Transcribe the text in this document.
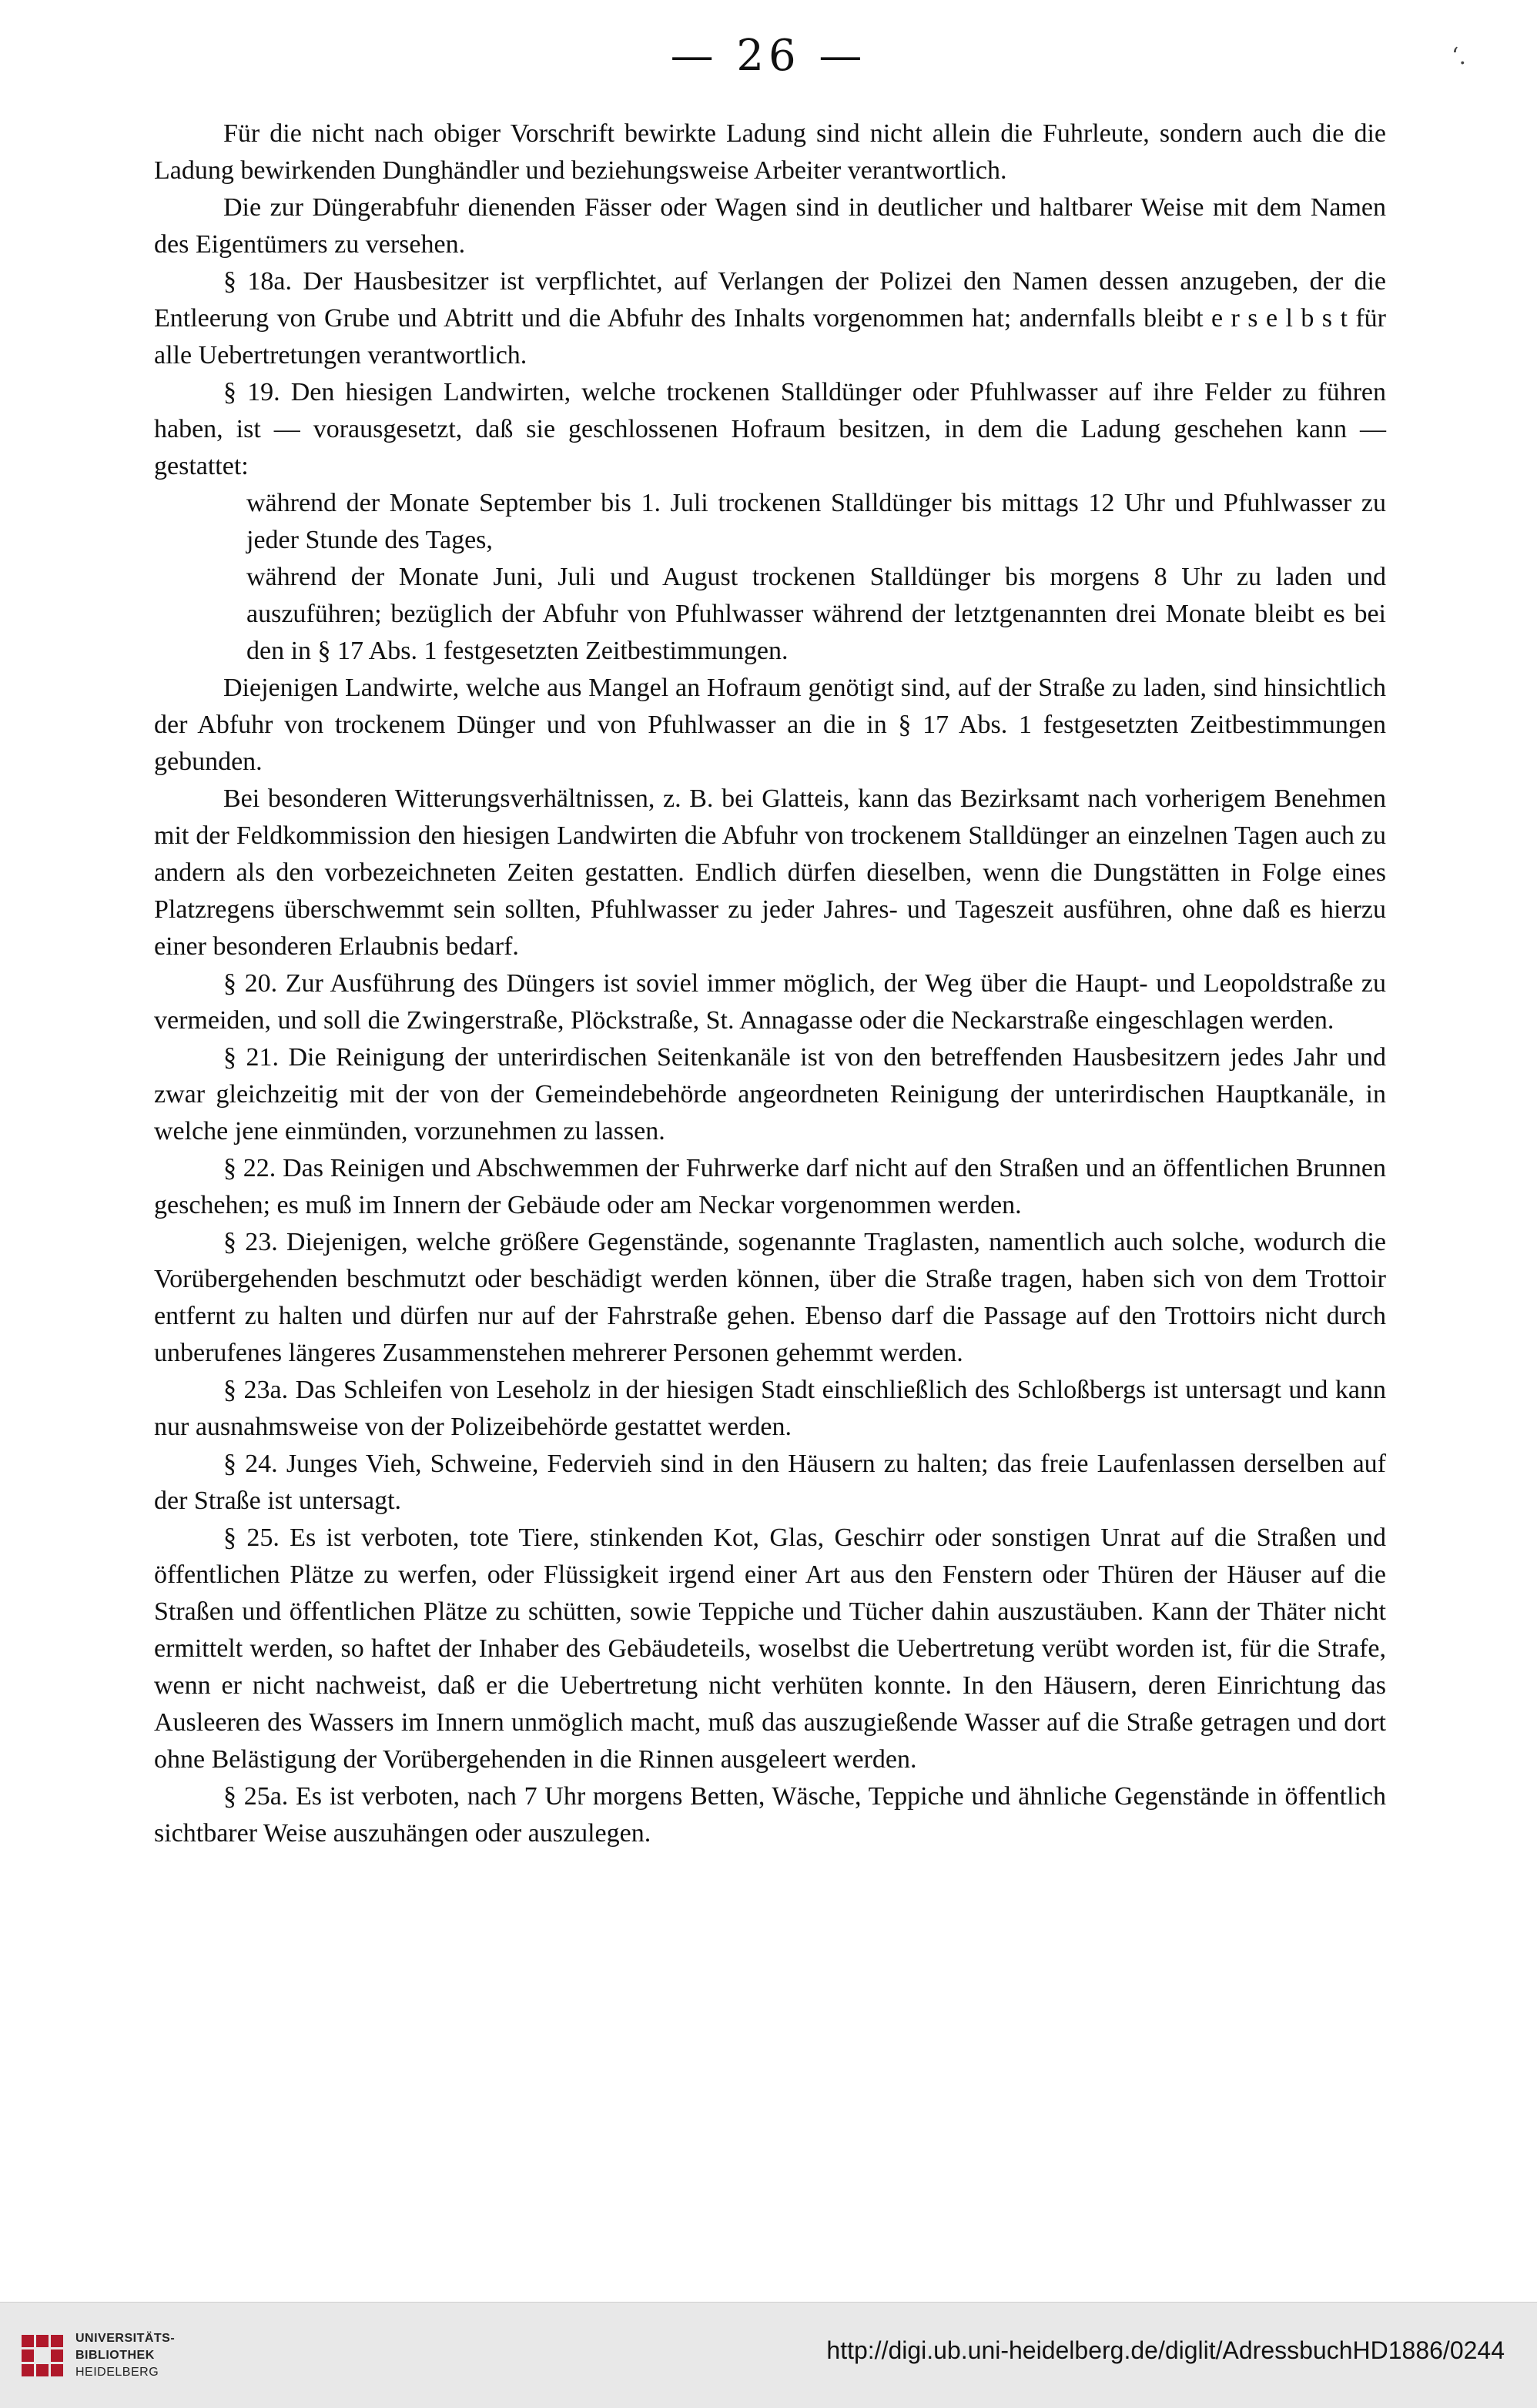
— 26 —	‘.

Für die nicht nach obiger Vorschrift bewirkte Ladung sind nicht allein die Fuhrleute, sondern auch die die Ladung bewirkenden Dunghändler und beziehungsweise Arbeiter verantwortlich.

Die zur Düngerabfuhr dienenden Fässer oder Wagen sind in deutlicher und haltbarer Weise mit dem Namen des Eigentümers zu versehen.

§ 18a. Der Hausbesitzer ist verpflichtet, auf Verlangen der Polizei den Namen dessen anzugeben, der die Entleerung von Grube und Abtritt und die Abfuhr des Inhalts vorgenommen hat; andernfalls bleibt e r s e l b s t für alle Uebertretungen verantwortlich.

§ 19. Den hiesigen Landwirten, welche trockenen Stalldünger oder Pfuhlwasser auf ihre Felder zu führen haben, ist — vorausgesetzt, daß sie geschlossenen Hofraum besitzen, in dem die Ladung geschehen kann — gestattet:

während der Monate September bis 1. Juli trockenen Stalldünger bis mittags 12 Uhr und Pfuhlwasser zu jeder Stunde des Tages,

während der Monate Juni, Juli und August trockenen Stalldünger bis morgens 8 Uhr zu laden und auszuführen; bezüglich der Abfuhr von Pfuhlwasser während der letztgenannten drei Monate bleibt es bei den in § 17 Abs. 1 festgesetzten Zeitbestimmungen.

Diejenigen Landwirte, welche aus Mangel an Hofraum genötigt sind, auf der Straße zu laden, sind hinsichtlich der Abfuhr von trockenem Dünger und von Pfuhlwasser an die in § 17 Abs. 1 festgesetzten Zeitbestimmungen gebunden.

Bei besonderen Witterungsverhältnissen, z. B. bei Glatteis, kann das Bezirksamt nach vorherigem Benehmen mit der Feldkommission den hiesigen Landwirten die Abfuhr von trockenem Stalldünger an einzelnen Tagen auch zu andern als den vorbezeichneten Zeiten gestatten. Endlich dürfen dieselben, wenn die Dungstätten in Folge eines Platzregens überschwemmt sein sollten, Pfuhlwasser zu jeder Jahres- und Tageszeit ausführen, ohne daß es hierzu einer besonderen Erlaubnis bedarf.

§ 20. Zur Ausführung des Düngers ist soviel immer möglich, der Weg über die Haupt- und Leopoldstraße zu vermeiden, und soll die Zwingerstraße, Plöckstraße, St. Annagasse oder die Neckarstraße eingeschlagen werden.

§ 21. Die Reinigung der unterirdischen Seitenkanäle ist von den betreffenden Hausbesitzern jedes Jahr und zwar gleichzeitig mit der von der Gemeindebehörde angeordneten Reinigung der unterirdischen Hauptkanäle, in welche jene einmünden, vorzunehmen zu lassen.

§ 22. Das Reinigen und Abschwemmen der Fuhrwerke darf nicht auf den Straßen und an öffentlichen Brunnen geschehen; es muß im Innern der Gebäude oder am Neckar vorgenommen werden.

§ 23. Diejenigen, welche größere Gegenstände, sogenannte Traglasten, namentlich auch solche, wodurch die Vorübergehenden beschmutzt oder beschädigt werden können, über die Straße tragen, haben sich von dem Trottoir entfernt zu halten und dürfen nur auf der Fahrstraße gehen. Ebenso darf die Passage auf den Trottoirs nicht durch unberufenes längeres Zusammenstehen mehrerer Personen gehemmt werden.

§ 23a. Das Schleifen von Leseholz in der hiesigen Stadt einschließlich des Schloßbergs ist untersagt und kann nur ausnahmsweise von der Polizeibehörde gestattet werden.

§ 24. Junges Vieh, Schweine, Federvieh sind in den Häusern zu halten; das freie Laufenlassen derselben auf der Straße ist untersagt.

§ 25. Es ist verboten, tote Tiere, stinkenden Kot, Glas, Geschirr oder sonstigen Unrat auf die Straßen und öffentlichen Plätze zu werfen, oder Flüssigkeit irgend einer Art aus den Fenstern oder Thüren der Häuser auf die Straßen und öffentlichen Plätze zu schütten, sowie Teppiche und Tücher dahin auszustäuben. Kann der Thäter nicht ermittelt werden, so haftet der Inhaber des Gebäudeteils, woselbst die Uebertretung verübt worden ist, für die Strafe, wenn er nicht nachweist, daß er die Uebertretung nicht verhüten konnte. In den Häusern, deren Einrichtung das Ausleeren des Wassers im Innern unmöglich macht, muß das auszugießende Wasser auf die Straße getragen und dort ohne Belästigung der Vorübergehenden in die Rinnen ausgeleert werden.

§ 25a. Es ist verboten, nach 7 Uhr morgens Betten, Wäsche, Teppiche und ähnliche Gegenstände in öffentlich sichtbarer Weise auszuhängen oder auszulegen.

UNIVERSITÄTS-
BIBLIOTHEK
HEIDELBERG
http://digi.ub.uni-heidelberg.de/diglit/AdressbuchHD1886/0244
